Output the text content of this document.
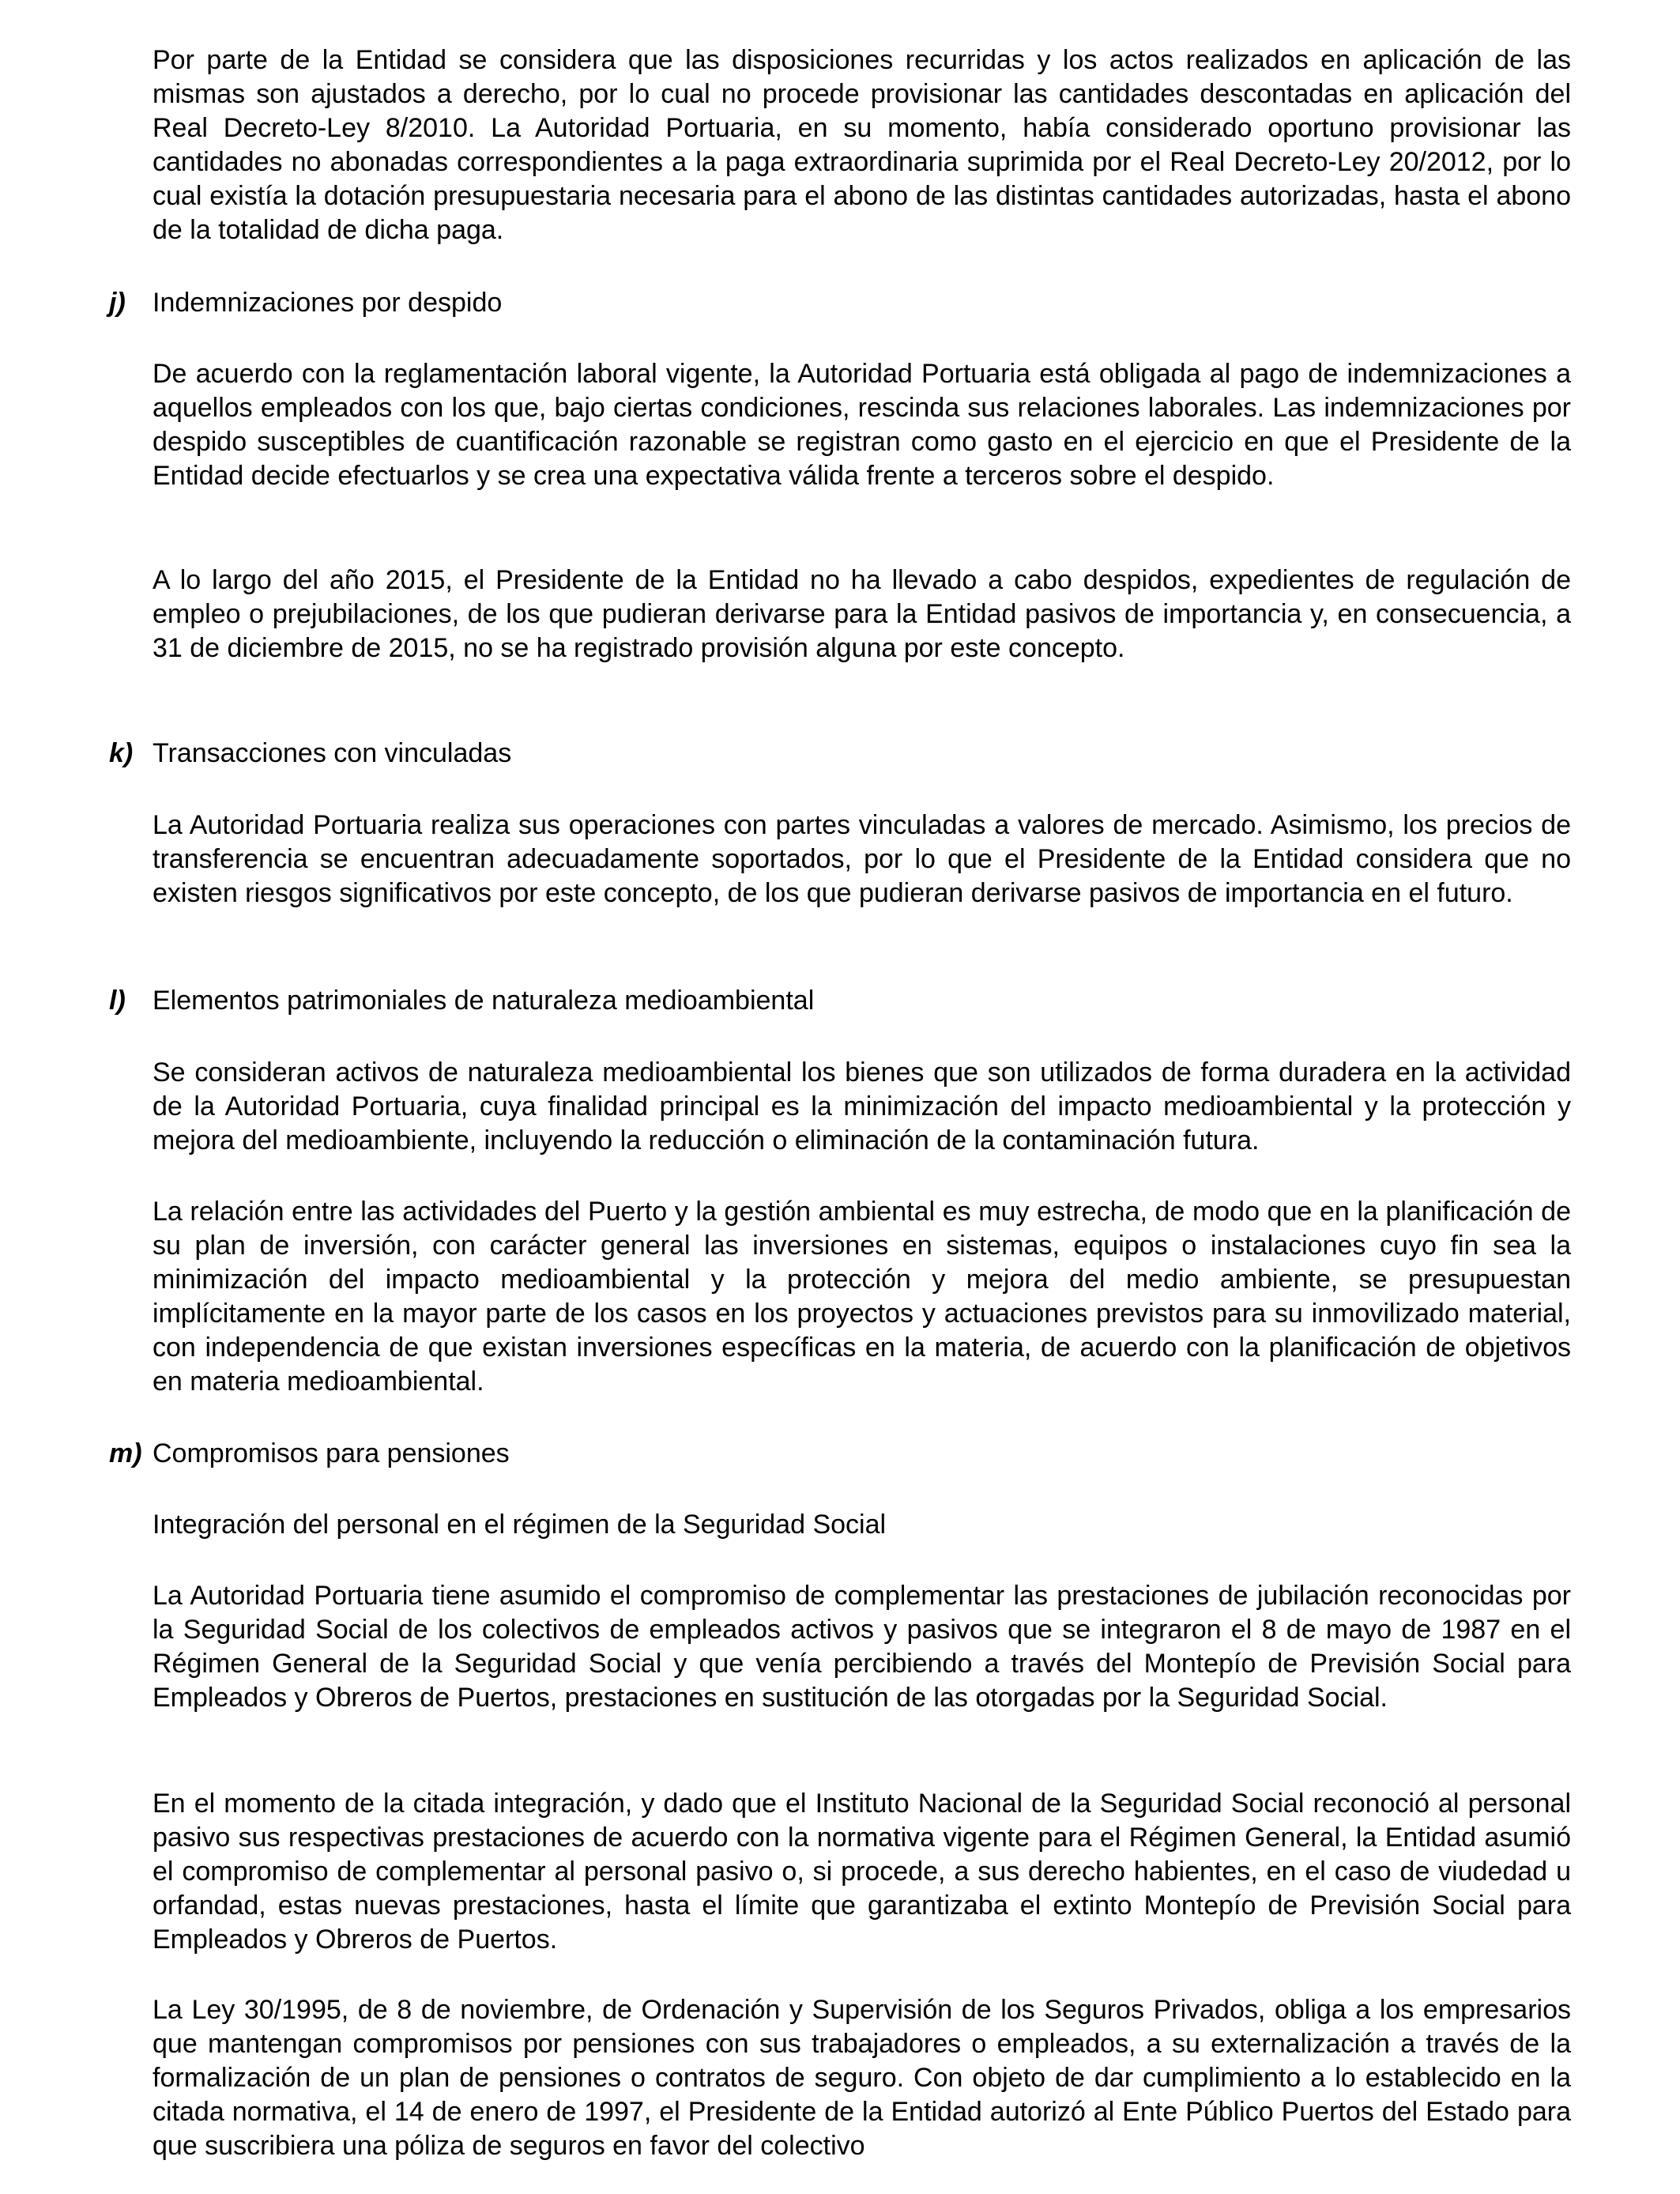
Por parte de la Entidad se considera que las disposiciones recurridas y los actos realizados en aplicación de las mismas son ajustados a derecho, por lo cual no procede provisionar las cantidades descontadas en aplicación del Real Decreto-Ley 8/2010. La Autoridad Portuaria, en su momento, había considerado oportuno provisionar las cantidades no abonadas correspondientes a la paga extraordinaria suprimida por el Real Decreto-Ley 20/2012, por lo cual existía la dotación presupuestaria necesaria para el abono de las distintas cantidades autorizadas, hasta el abono de la totalidad de dicha paga.

j) Indemnizaciones por despido

De acuerdo con la reglamentación laboral vigente, la Autoridad Portuaria está obligada al pago de indemnizaciones a aquellos empleados con los que, bajo ciertas condiciones, rescinda sus relaciones laborales. Las indemnizaciones por despido susceptibles de cuantificación razonable se registran como gasto en el ejercicio en que el Presidente de la Entidad decide efectuarlos y se crea una expectativa válida frente a terceros sobre el despido.

A lo largo del año 2015, el Presidente de la Entidad no ha llevado a cabo despidos, expedientes de regulación de empleo o prejubilaciones, de los que pudieran derivarse para la Entidad pasivos de importancia y, en consecuencia, a 31 de diciembre de 2015, no se ha registrado provisión alguna por este concepto.

k) Transacciones con vinculadas

La Autoridad Portuaria realiza sus operaciones con partes vinculadas a valores de mercado. Asimismo, los precios de transferencia se encuentran adecuadamente soportados, por lo que el Presidente de la Entidad considera que no existen riesgos significativos por este concepto, de los que pudieran derivarse pasivos de importancia en el futuro.

l) Elementos patrimoniales de naturaleza medioambiental

Se consideran activos de naturaleza medioambiental los bienes que son utilizados de forma duradera en la actividad de la Autoridad Portuaria, cuya finalidad principal es la minimización del impacto medioambiental y la protección y mejora del medioambiente, incluyendo la reducción o eliminación de la contaminación futura.

La relación entre las actividades del Puerto y la gestión ambiental es muy estrecha, de modo que en la planificación de su plan de inversión, con carácter general las inversiones en sistemas, equipos o instalaciones cuyo fin sea la minimización del impacto medioambiental y la protección y mejora del medio ambiente, se presupuestan implícitamente en la mayor parte de los casos en los proyectos y actuaciones previstos para su inmovilizado material, con independencia de que existan inversiones específicas en la materia, de acuerdo con la planificación de objetivos en materia medioambiental.

m) Compromisos para pensiones

Integración del personal en el régimen de la Seguridad Social

La Autoridad Portuaria tiene asumido el compromiso de complementar las prestaciones de jubilación reconocidas por la Seguridad Social de los colectivos de empleados activos y pasivos que se integraron el 8 de mayo de 1987 en el Régimen General de la Seguridad Social y que venía percibiendo a través del Montepío de Previsión Social para Empleados y Obreros de Puertos, prestaciones en sustitución de las otorgadas por la Seguridad Social.

En el momento de la citada integración, y dado que el Instituto Nacional de la Seguridad Social reconoció al personal pasivo sus respectivas prestaciones de acuerdo con la normativa vigente para el Régimen General, la Entidad asumió el compromiso de complementar al personal pasivo o, si procede, a sus derecho habientes, en el caso de viudedad u orfandad, estas nuevas prestaciones, hasta el límite que garantizaba el extinto Montepío de Previsión Social para Empleados y Obreros de Puertos.

La Ley 30/1995, de 8 de noviembre, de Ordenación y Supervisión de los Seguros Privados, obliga a los empresarios que mantengan compromisos por pensiones con sus trabajadores o empleados, a su externalización a través de la formalización de un plan de pensiones o contratos de seguro. Con objeto de dar cumplimiento a lo establecido en la citada normativa, el 14 de enero de 1997, el Presidente de la Entidad autorizó al Ente Público Puertos del Estado para que suscribiera una póliza de seguros en favor del colectivo
